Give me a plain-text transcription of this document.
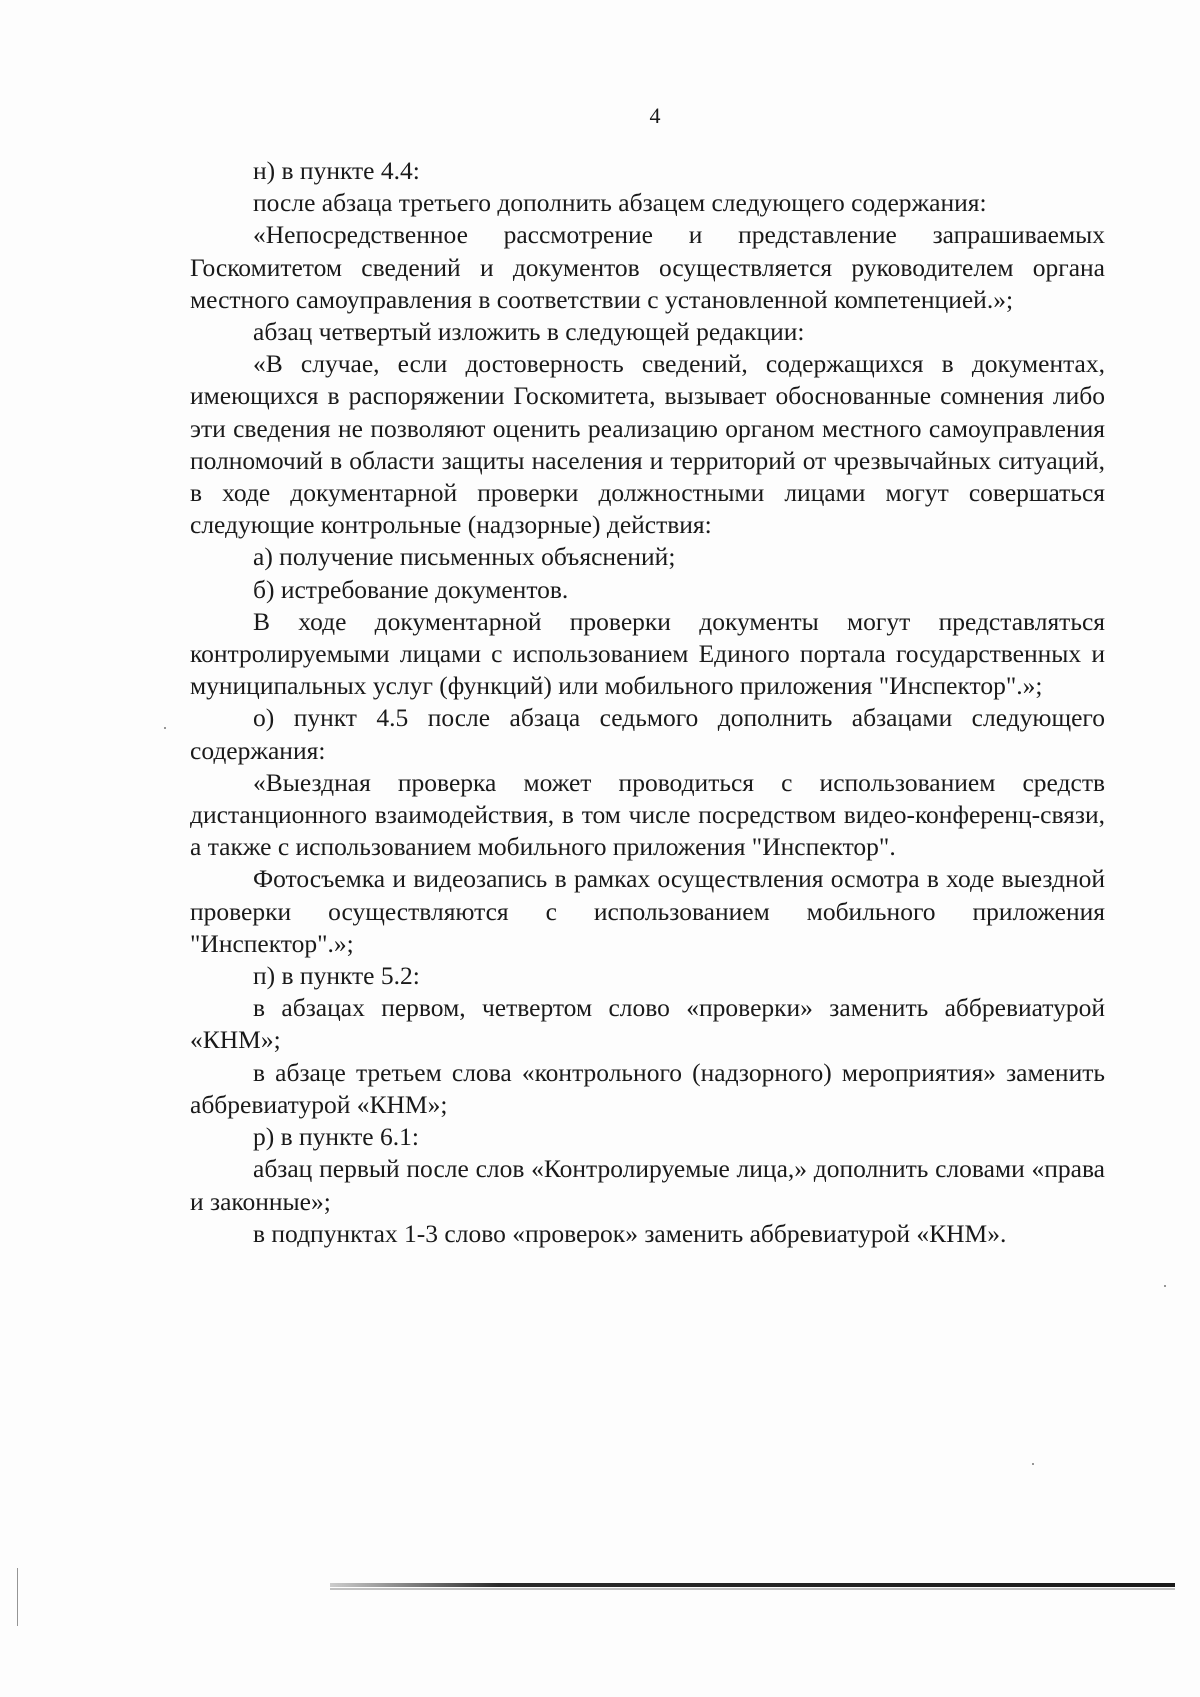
4

н) в пункте 4.4:

после абзаца третьего дополнить абзацем следующего содержания:

«Непосредственное рассмотрение и представление запрашиваемых Госкомитетом сведений и документов осуществляется руководителем органа местного самоуправления в соответствии с установленной компетенцией.»;

абзац четвертый изложить в следующей редакции:

«В случае, если достоверность сведений, содержащихся в документах, имеющихся в распоряжении Госкомитета, вызывает обоснованные сомнения либо эти сведения не позволяют оценить реализацию органом местного самоуправления полномочий в области защиты населения и территорий от чрезвычайных ситуаций, в ходе документарной проверки должностными лицами могут совершаться следующие контрольные (надзорные) действия:

а) получение письменных объяснений;

б) истребование документов.

В ходе документарной проверки документы могут представляться контролируемыми лицами с использованием Единого портала государственных и муниципальных услуг (функций) или мобильного приложения "Инспектор".»;

о) пункт 4.5 после абзаца седьмого дополнить абзацами следующего содержания:

«Выездная проверка может проводиться с использованием средств дистанционного взаимодействия, в том числе посредством видео-конференц-связи, а также с использованием мобильного приложения "Инспектор".

Фотосъемка и видеозапись в рамках осуществления осмотра в ходе выездной проверки осуществляются с использованием мобильного приложения "Инспектор".»;

п) в пункте 5.2:

в абзацах первом, четвертом слово «проверки» заменить аббревиатурой «КНМ»;

в абзаце третьем слова «контрольного (надзорного) мероприятия» заменить аббревиатурой «КНМ»;

р) в пункте 6.1:

абзац первый после слов «Контролируемые лица,» дополнить словами «права и законные»;

в подпунктах 1-3 слово «проверок» заменить аббревиатурой «КНМ».
